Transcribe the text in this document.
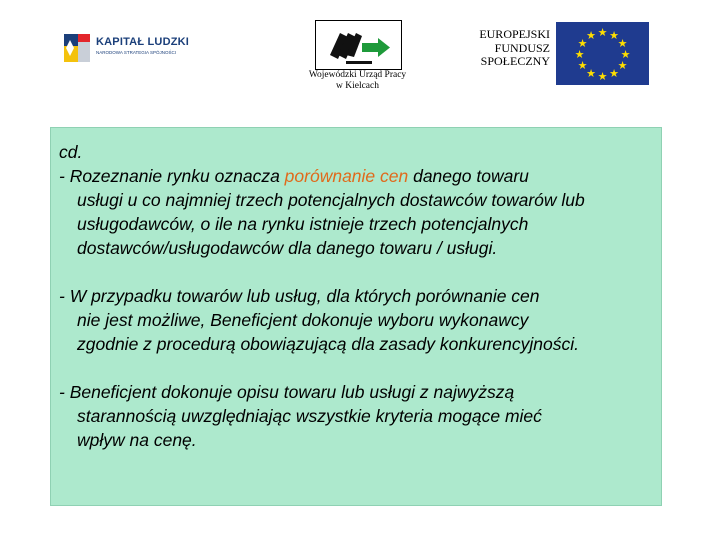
KAPITAŁ LUDZKI
NARODOWA STRATEGIA SPÓJNOŚCI
Wojewódzki Urząd Pracy
w Kielcach
EUROPEJSKI
FUNDUSZ
SPOŁECZNY
★ ★
★
★
★
★
★
★
★
★
★
★
cd.
- Rozeznanie rynku oznacza porównanie cen danego towaru
usługi u co najmniej trzech potencjalnych dostawców towarów lub
usługodawców, o ile na rynku istnieje trzech potencjalnych
dostawców/usługodawców dla danego towaru / usługi.
- W przypadku towarów lub usług, dla których porównanie cen
nie jest możliwe, Beneficjent dokonuje wyboru wykonawcy
zgodnie z procedurą obowiązującą dla zasady konkurencyjności.
- Beneficjent dokonuje opisu towaru lub usługi z najwyższą
starannością uwzględniając wszystkie kryteria mogące mieć
wpływ na cenę.
